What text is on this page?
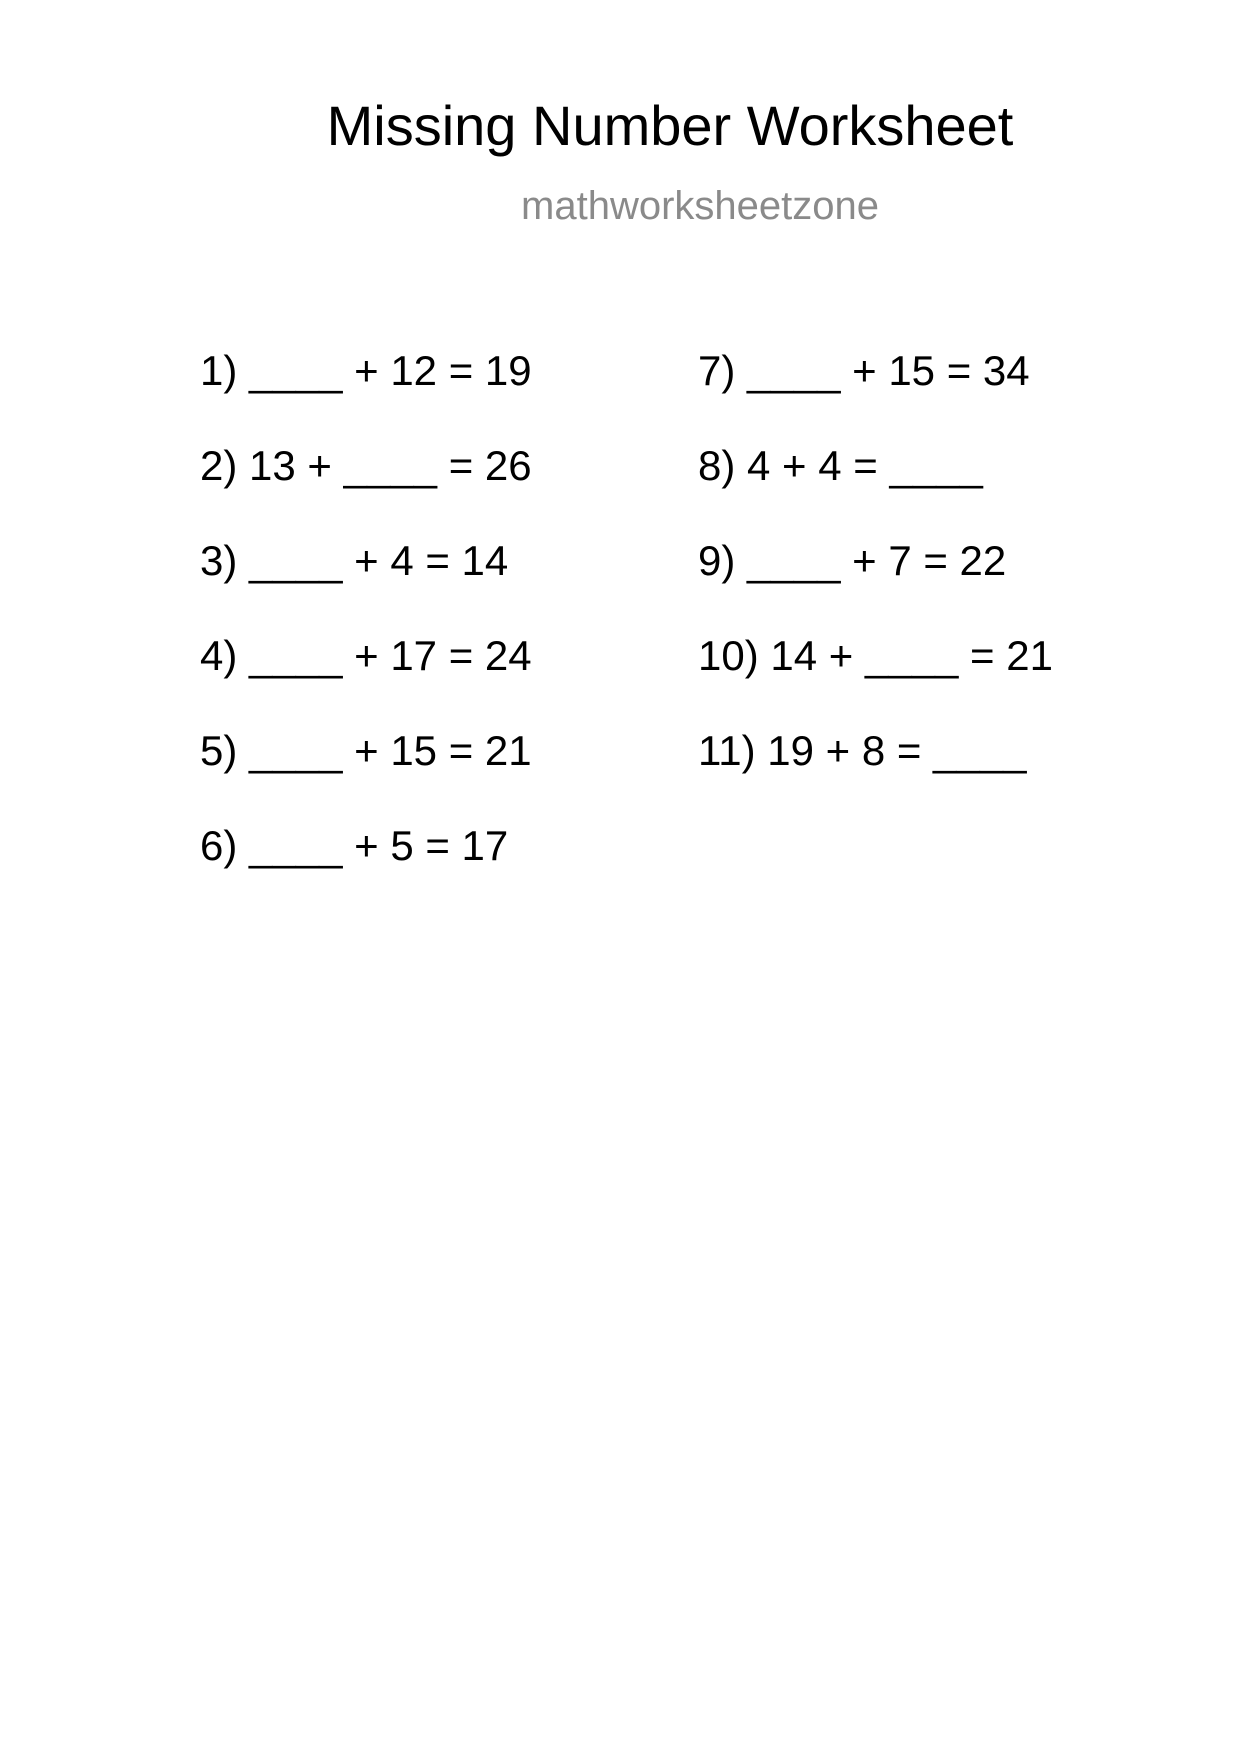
Missing Number Worksheet
mathworksheetzone
1) ____ + 12 = 19
2) 13 + ____ = 26
3) ____ + 4 = 14
4) ____ + 17 = 24
5) ____ + 15 = 21
6) ____ + 5 = 17
7) ____ + 15 = 34
8) 4 + 4 = ____
9) ____ + 7 = 22
10) 14 + ____ = 21
11) 19 + 8 = ____
